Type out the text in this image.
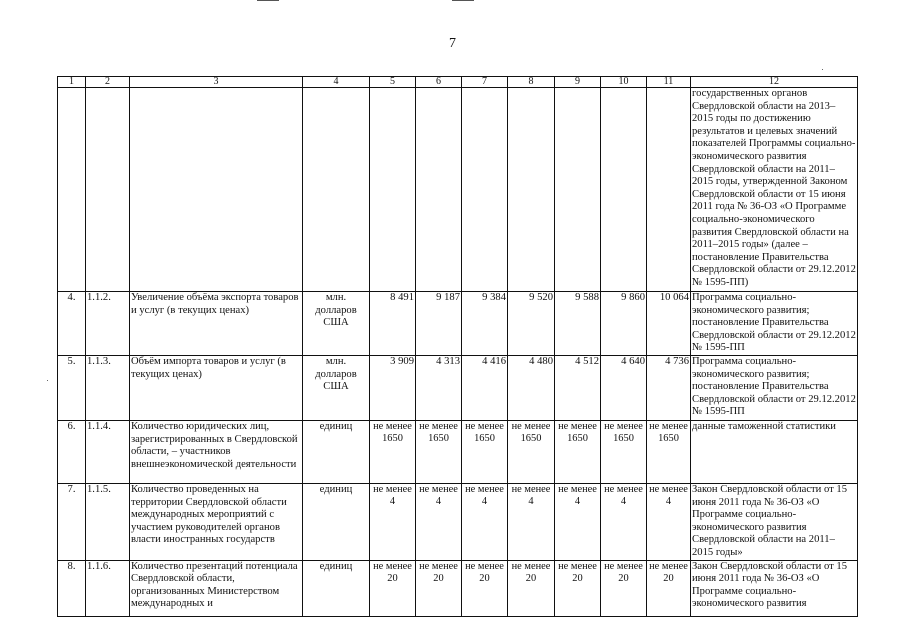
7
1	2	3	4	5	6	7	8	9	10	11	12
											государственных органов Свердловской области на 2013–2015 годы по достижению результатов и целевых значений показателей Программы социально-экономического развития Свердловской области на 2011–2015 годы, утвержденной Законом Свердловской области от 15 июня 2011 года № 36-ОЗ «О Программе социально-экономического развития Свердловской области на 2011–2015 годы» (далее – постановление Правительства Свердловской области от 29.12.2012 № 1595-ПП)
4.	1.1.2.	Увеличение объёма экспорта товаров и услуг (в текущих ценах)	млн. долларов США	8 491	9 187	9 384	9 520	9 588	9 860	10 064	Программа социально-экономического развития; постановление Правительства Свердловской области от 29.12.2012 № 1595-ПП
5.	1.1.3.	Объём импорта товаров и услуг (в текущих ценах)	млн. долларов США	3 909	4 313	4 416	4 480	4 512	4 640	4 736	Программа социально-экономического развития; постановление Правительства Свердловской области от 29.12.2012 № 1595-ПП
6.	1.1.4.	Количество юридических лиц, зарегистрированных в Свердловской области, – участников внешнеэкономической деятельности	единиц	не менее 1650	не менее 1650	не менее 1650	не менее 1650	не менее 1650	не менее 1650	не менее 1650	данные таможенной статистики
7.	1.1.5.	Количество проведенных на территории Свердловской области международных мероприятий с участием руководителей органов власти иностранных государств	единиц	не менее 4	не менее 4	не менее 4	не менее 4	не менее 4	не менее 4	не менее 4	Закон Свердловской области от 15 июня 2011 года № 36-ОЗ «О Программе социально-экономического развития Свердловской области на 2011–2015 годы»
8.	1.1.6.	Количество презентаций потенциала Свердловской области, организованных Министерством международных и	единиц	не менее 20	не менее 20	не менее 20	не менее 20	не менее 20	не менее 20	не менее 20	Закон Свердловской области от 15 июня 2011 года № 36-ОЗ «О Программе социально-экономического развития
